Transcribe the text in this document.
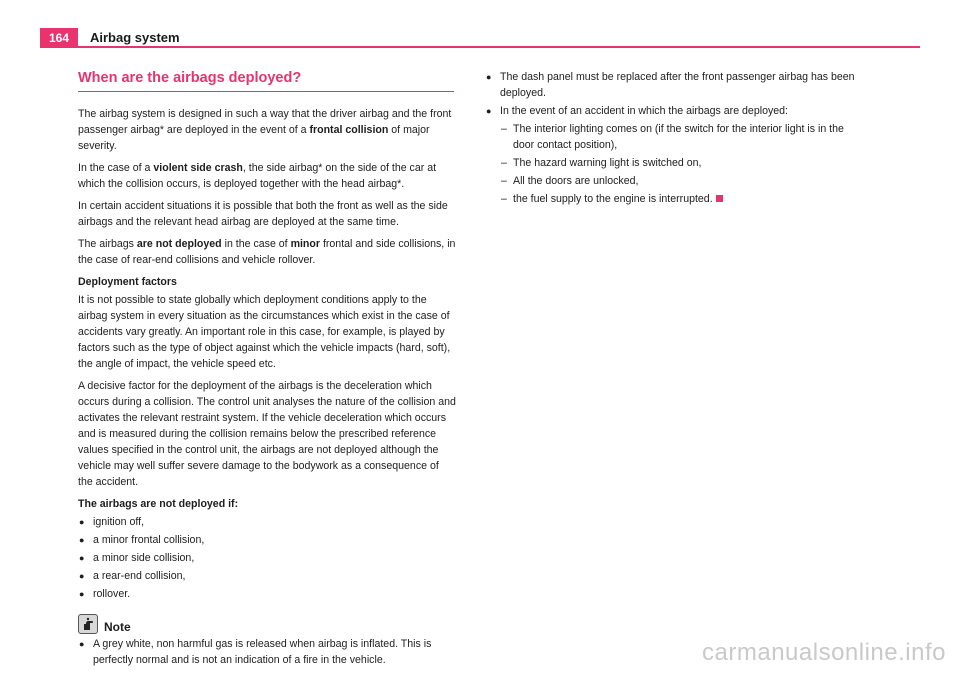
164	Airbag system
When are the airbags deployed?

The airbag system is designed in such a way that the driver airbag and the front passenger airbag* are deployed in the event of a frontal collision of major severity.

In the case of a violent side crash, the side airbag* on the side of the car at which the collision occurs, is deployed together with the head airbag*.

In certain accident situations it is possible that both the front as well as the side airbags and the relevant head airbag are deployed at the same time.

The airbags are not deployed in the case of minor frontal and side collisions, in the case of rear-end collisions and vehicle rollover.

Deployment factors

It is not possible to state globally which deployment conditions apply to the airbag system in every situation as the circumstances which exist in the case of accidents vary greatly. An important role in this case, for example, is played by factors such as the type of object against which the vehicle impacts (hard, soft), the angle of impact, the vehicle speed etc.

A decisive factor for the deployment of the airbags is the deceleration which occurs during a collision. The control unit analyses the nature of the collision and activates the relevant restraint system. If the vehicle deceleration which occurs and is measured during the collision remains below the prescribed reference values specified in the control unit, the airbags are not deployed although the vehicle may well suffer severe damage to the bodywork as a consequence of the accident.

The airbags are not deployed if:
● ignition off,
● a minor frontal collision,
● a minor side collision,
● a rear-end collision,
● rollover.
Note
● A grey white, non harmful gas is released when airbag is inflated. This is perfectly normal and is not an indication of a fire in the vehicle.
● The dash panel must be replaced after the front passenger airbag has been deployed.
● In the event of an accident in which the airbags are deployed:
– The interior lighting comes on (if the switch for the interior light is in the door contact position),
– The hazard warning light is switched on,
– All the doors are unlocked,
– the fuel supply to the engine is interrupted.
carmanualsonline.info
